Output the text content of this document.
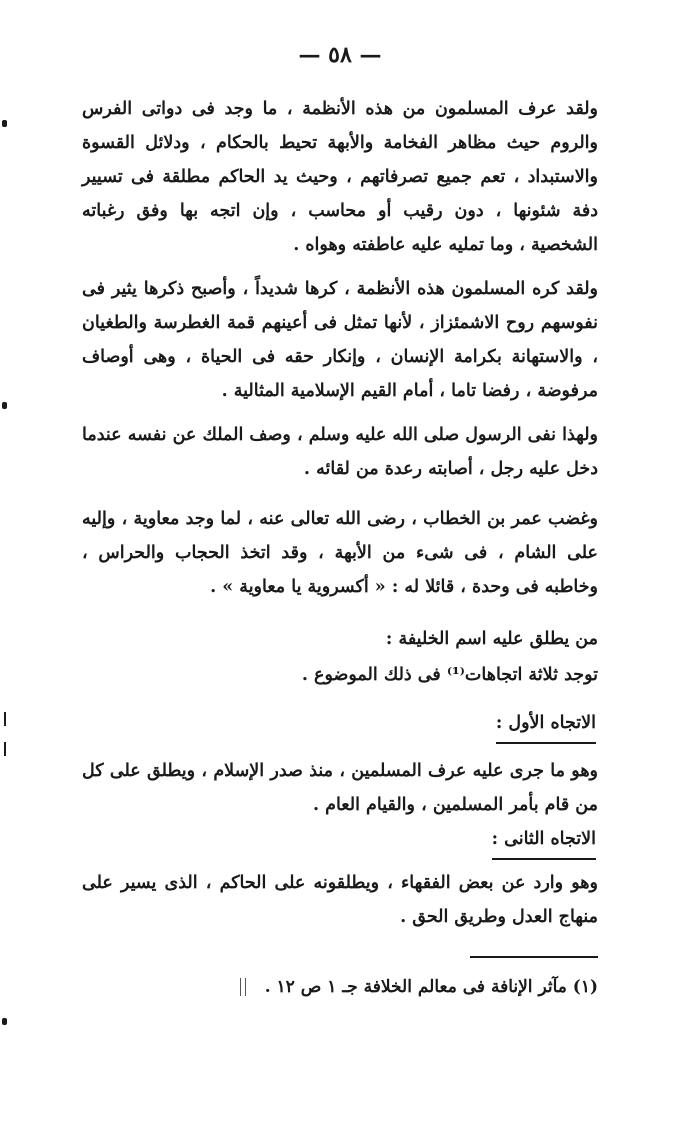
— ٥٨ —

ولقد عرف المسلمون من هذه الأنظمة ، ما وجد فى دواتى الفرس والروم حيث مظاهر الفخامة والأبهة تحيط بالحكام ، ودلائل القسوة والاستبداد ، تعم جميع تصرفاتهم ، وحيث يد الحاكم مطلقة فى تسيير دفة شئونها ، دون رقيب أو محاسب ، وإن اتجه بها وفق رغباته الشخصية ، وما تمليه عليه عاطفته وهواه .

ولقد كره المسلمون هذه الأنظمة ، كرها شديداً ، وأصبح ذكرها يثير فى نفوسهم روح الاشمئزاز ، لأنها تمثل فى أعينهم قمة الغطرسة والطغيان ، والاستهانة بكرامة الإنسان ، وإنكار حقه فى الحياة ، وهى أوصاف مرفوضة ، رفضا تاما ، أمام القيم الإسلامية المثالية .

ولهذا نفى الرسول صلى الله عليه وسلم ، وصف الملك عن نفسه عندما دخل عليه رجل ، أصابته رعدة من لقائه .

وغضب عمر بن الخطاب ، رضى الله تعالى عنه ، لما وجد معاوية ، وإليه على الشام ، فى شىء من الأبهة ، وقد اتخذ الحجاب والحراس ، وخاطبه فى وحدة ، قائلا له : « أكسروية يا معاوية » .

من يطلق عليه اسم الخليفة :

توجد ثلاثة اتجاهات⁽¹⁾ فى ذلك الموضوع .

الاتجاه الأول :

وهو ما جرى عليه عرف المسلمين ، منذ صدر الإسلام ، ويطلق على كل من قام بأمر المسلمين ، والقيام العام .

الاتجاه الثانى :

وهو وارد عن بعض الفقهاء ، ويطلقونه على الحاكم ، الذى يسير على منهاج العدل وطريق الحق .

(١) مآثر الإنافة فى معالم الخلافة جـ ١ ص ١٢ .
